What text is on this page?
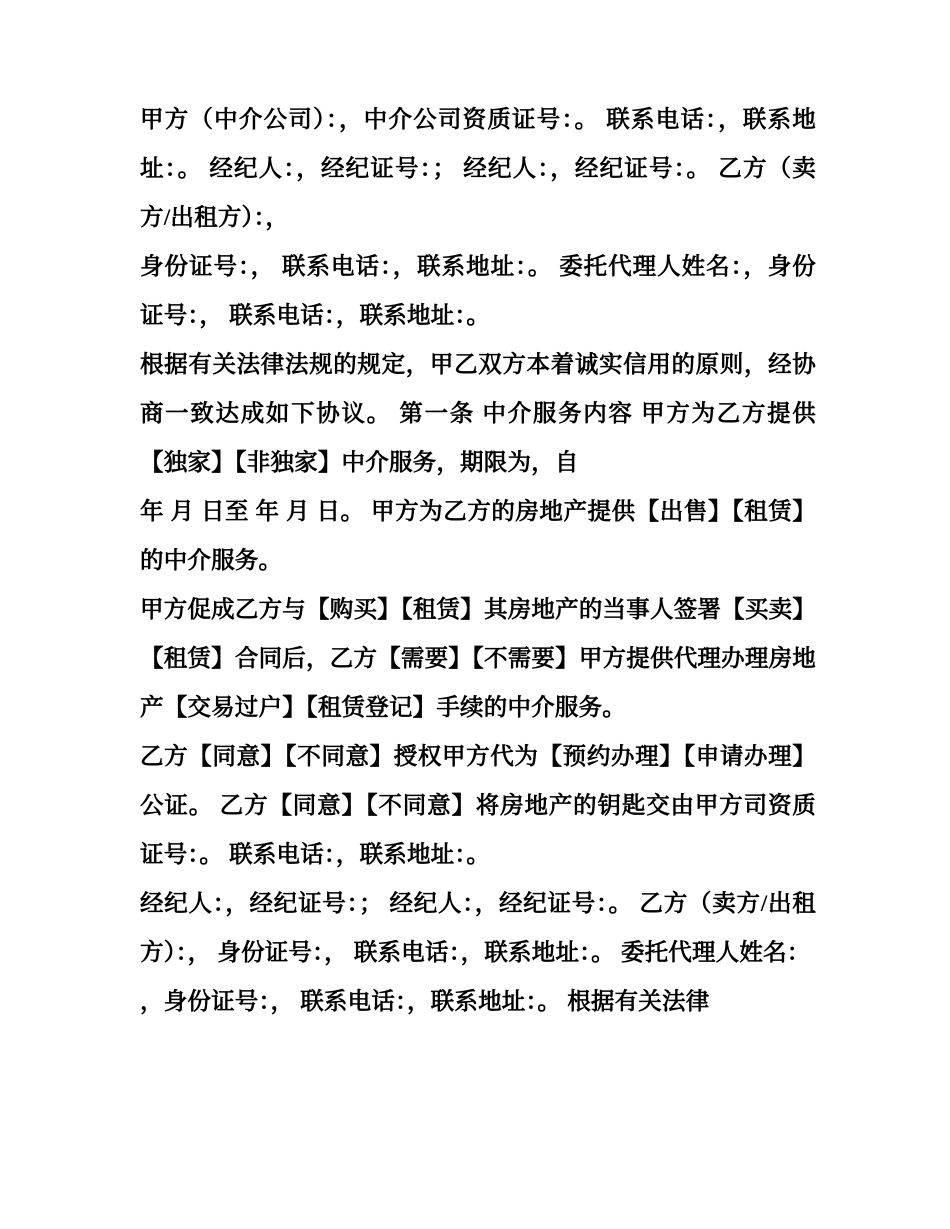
甲方（中介公司）：，中介公司资质证号：。 联系电话：，联系地址：。 经纪人：，经纪证号：； 经纪人：，经纪证号：。 乙方（卖方/出租方）：，

身份证号：， 联系电话：，联系地址：。 委托代理人姓名：，身份证号：， 联系电话：，联系地址：。

根据有关法律法规的规定，甲乙双方本着诚实信用的原则，经协商一致达成如下协议。 第一条 中介服务内容 甲方为乙方提供【独家】【非独家】中介服务，期限为，自

年 月 日至 年 月 日。 甲方为乙方的房地产提供【出售】【租赁】的中介服务。

甲方促成乙方与【购买】【租赁】其房地产的当事人签署【买卖】【租赁】合同后，乙方【需要】【不需要】甲方提供代理办理房地产【交易过户】【租赁登记】手续的中介服务。

乙方【同意】【不同意】授权甲方代为【预约办理】【申请办理】 公证。 乙方【同意】【不同意】将房地产的钥匙交由甲方司资质证号：。 联系电话：，联系地址：。

经纪人：，经纪证号：； 经纪人：，经纪证号：。 乙方（卖方/出租方）：， 身份证号：， 联系电话：，联系地址：。 委托代理人姓名：

，身份证号：， 联系电话：，联系地址：。 根据有关法律
